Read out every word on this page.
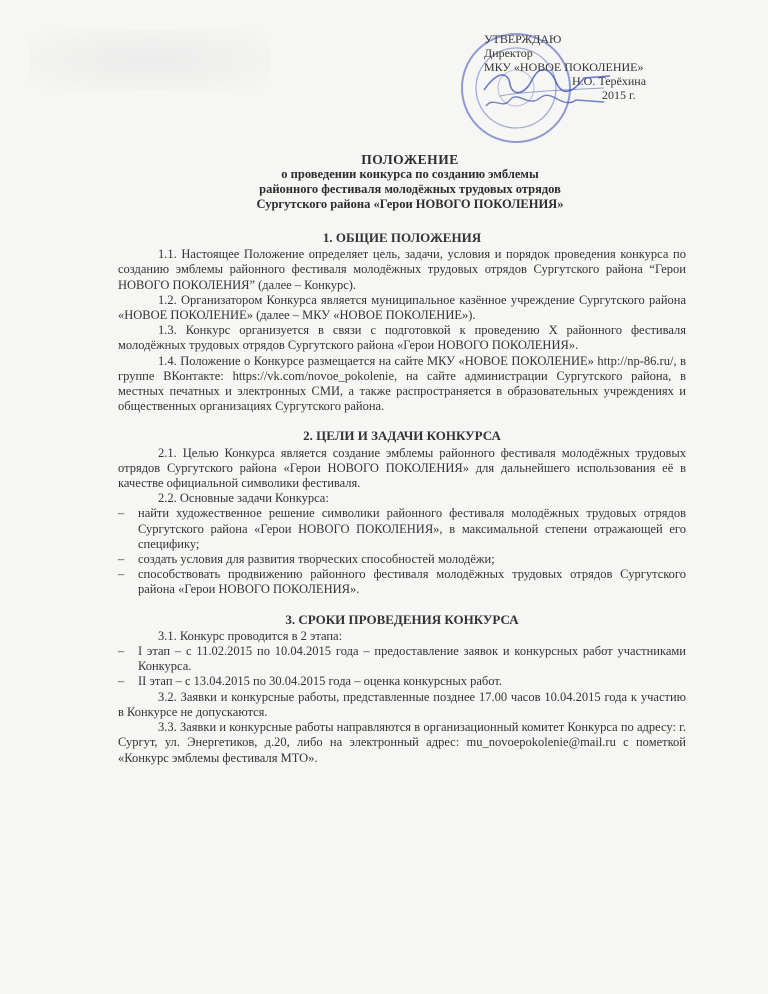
УТВЕРЖДАЮ
Директор
МКУ «НОВОЕ ПОКОЛЕНИЕ»
Н.О. Терёхина
2015 г.
ПОЛОЖЕНИЕ
о проведении конкурса по созданию эмблемы
районного фестиваля молодёжных трудовых отрядов
Сургутского района «Герои НОВОГО ПОКОЛЕНИЯ»
1. ОБЩИЕ ПОЛОЖЕНИЯ

1.1. Настоящее Положение определяет цель, задачи, условия и порядок проведения конкурса по созданию эмблемы районного фестиваля молодёжных трудовых отрядов Сургутского района “Герои НОВОГО ПОКОЛЕНИЯ” (далее – Конкурс).

1.2. Организатором Конкурса является муниципальное казённое учреждение Сургутского района «НОВОЕ ПОКОЛЕНИЕ» (далее – МКУ «НОВОЕ ПОКОЛЕНИЕ»).

1.3. Конкурс организуется в связи с подготовкой к проведению X районного фестиваля молодёжных трудовых отрядов Сургутского района «Герои НОВОГО ПОКОЛЕНИЯ».

1.4. Положение о Конкурсе размещается на сайте МКУ «НОВОЕ ПОКОЛЕНИЕ» http://np-86.ru/, в группе ВКонтакте: https://vk.com/novoe_pokolenie, на сайте администрации Сургутского района, в местных печатных и электронных СМИ, а также распространяется в образовательных учреждениях и общественных организациях Сургутского района.

2. ЦЕЛИ И ЗАДАЧИ КОНКУРСА

2.1. Целью Конкурса является создание эмблемы районного фестиваля молодёжных трудовых отрядов Сургутского района «Герои НОВОГО ПОКОЛЕНИЯ» для дальнейшего использования её в качестве официальной символики фестиваля.

2.2. Основные задачи Конкурса:

– найти художественное решение символики районного фестиваля молодёжных трудовых отрядов Сургутского района «Герои НОВОГО ПОКОЛЕНИЯ», в максимальной степени отражающей его специфику;

– создать условия для развития творческих способностей молодёжи;

– способствовать продвижению районного фестиваля молодёжных трудовых отрядов Сургутского района «Герои НОВОГО ПОКОЛЕНИЯ».

3. СРОКИ ПРОВЕДЕНИЯ КОНКУРСА

3.1. Конкурс проводится в 2 этапа:

– I этап – с 11.02.2015 по 10.04.2015 года – предоставление заявок и конкурсных работ участниками Конкурса.

– II этап – с 13.04.2015 по 30.04.2015 года – оценка конкурсных работ.

3.2. Заявки и конкурсные работы, представленные позднее 17.00 часов 10.04.2015 года к участию в Конкурсе не допускаются.

3.3. Заявки и конкурсные работы направляются в организационный комитет Конкурса по адресу: г. Сургут, ул. Энергетиков, д.20, либо на электронный адрес: mu_novoepokolenie@mail.ru с пометкой «Конкурс эмблемы фестиваля МТО».
